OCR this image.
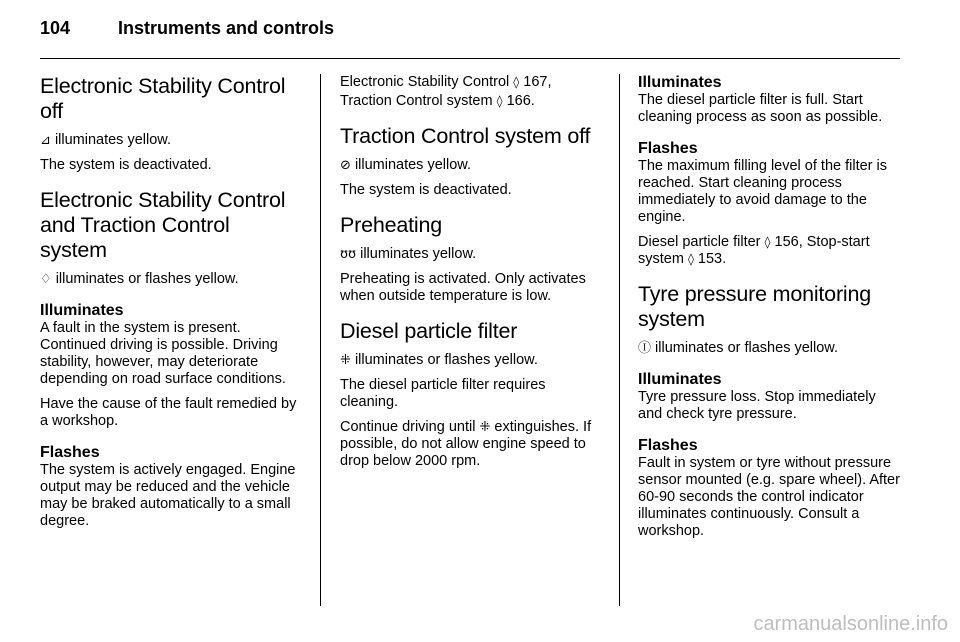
104	Instruments and controls
Electronic Stability Control off

⊿ illuminates yellow.

The system is deactivated.

Electronic Stability Control and Traction Control system

♢ illuminates or flashes yellow.

Illuminates

A fault in the system is present. Continued driving is possible. Driving stability, however, may deteriorate depending on road surface conditions.

Have the cause of the fault remedied by a workshop.

Flashes

The system is actively engaged. Engine output may be reduced and the vehicle may be braked automatically to a small degree.

Electronic Stability Control ◊ 167,

Traction Control system ◊ 166.

Traction Control system off

⊘ illuminates yellow.

The system is deactivated.

Preheating

ʊʊ illuminates yellow.

Preheating is activated. Only activates when outside temperature is low.

Diesel particle filter

⁜ illuminates or flashes yellow.

The diesel particle filter requires cleaning.

Continue driving until ⁜ extinguishes. If possible, do not allow engine speed to drop below 2000 rpm.

Illuminates

The diesel particle filter is full. Start cleaning process as soon as possible.

Flashes

The maximum filling level of the filter is reached. Start cleaning process immediately to avoid damage to the engine.

Diesel particle filter ◊ 156, Stop-start system ◊ 153.

Tyre pressure monitoring system

Ⓘ illuminates or flashes yellow.

Illuminates

Tyre pressure loss. Stop immediately and check tyre pressure.

Flashes

Fault in system or tyre without pressure sensor mounted (e.g. spare wheel). After 60-90 seconds the control indicator illuminates continuously. Consult a workshop.

carmanualsonline.info
